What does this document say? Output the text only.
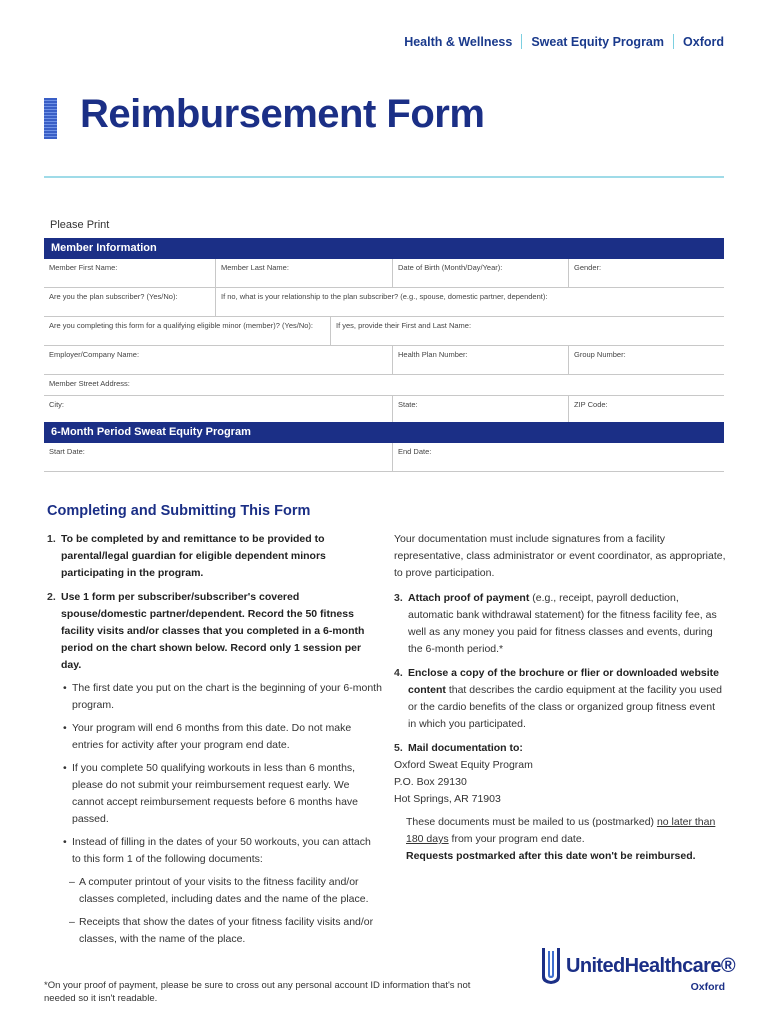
Health & Wellness Sweat Equity Program Oxford
Reimbursement Form
Please Print
Member Information
Member First Name:	Member Last Name:	Date of Birth (Month/Day/Year):	Gender:
Are you the plan subscriber? (Yes/No):	If no, what is your relationship to the plan subscriber? (e.g., spouse, domestic partner, dependent):
Are you completing this form for a qualifying eligible minor (member)? (Yes/No):	If yes, provide their First and Last Name:
Employer/Company Name:	Health Plan Number:	Group Number:
Member Street Address:
City:	State:	ZIP Code:
6-Month Period Sweat Equity Program
Start Date:	End Date:
Completing and Submitting This Form
1. To be completed by and remittance to be provided to parental/legal guardian for eligible dependent minors participating in the program.
2. Use 1 form per subscriber/subscriber's covered spouse/domestic partner/dependent. Record the 50 fitness facility visits and/or classes that you completed in a 6-month period on the chart shown below. Record only 1 session per day.
• The first date you put on the chart is the beginning of your 6-month program.
• Your program will end 6 months from this date. Do not make entries for activity after your program end date.
• If you complete 50 qualifying workouts in less than 6 months, please do not submit your reimbursement request early. We cannot accept reimbursement requests before 6 months have passed.
• Instead of filling in the dates of your 50 workouts, you can attach to this form 1 of the following documents:
– A computer printout of your visits to the fitness facility and/or classes completed, including dates and the name of the place.
– Receipts that show the dates of your fitness facility visits and/or classes, with the name of the place.

Your documentation must include signatures from a facility representative, class administrator or event coordinator, as appropriate, to prove participation.

3. Attach proof of payment (e.g., receipt, payroll deduction, automatic bank withdrawal statement) for the fitness facility fee, as well as any money you paid for fitness classes and events, during the 6-month period.*
4. Enclose a copy of the brochure or flier or downloaded website content that describes the cardio equipment at the facility you used or the cardio benefits of the class or organized group fitness event in which you participated.
5. Mail documentation to:
Oxford Sweat Equity Program
P.O. Box 29130
Hot Springs, AR 71903

These documents must be mailed to us (postmarked) no later than 180 days from your program end date.
Requests postmarked after this date won't be reimbursed.

*On your proof of payment, please be sure to cross out any personal account ID information that's not needed so it isn't readable.
UnitedHealthcare®
Oxford
